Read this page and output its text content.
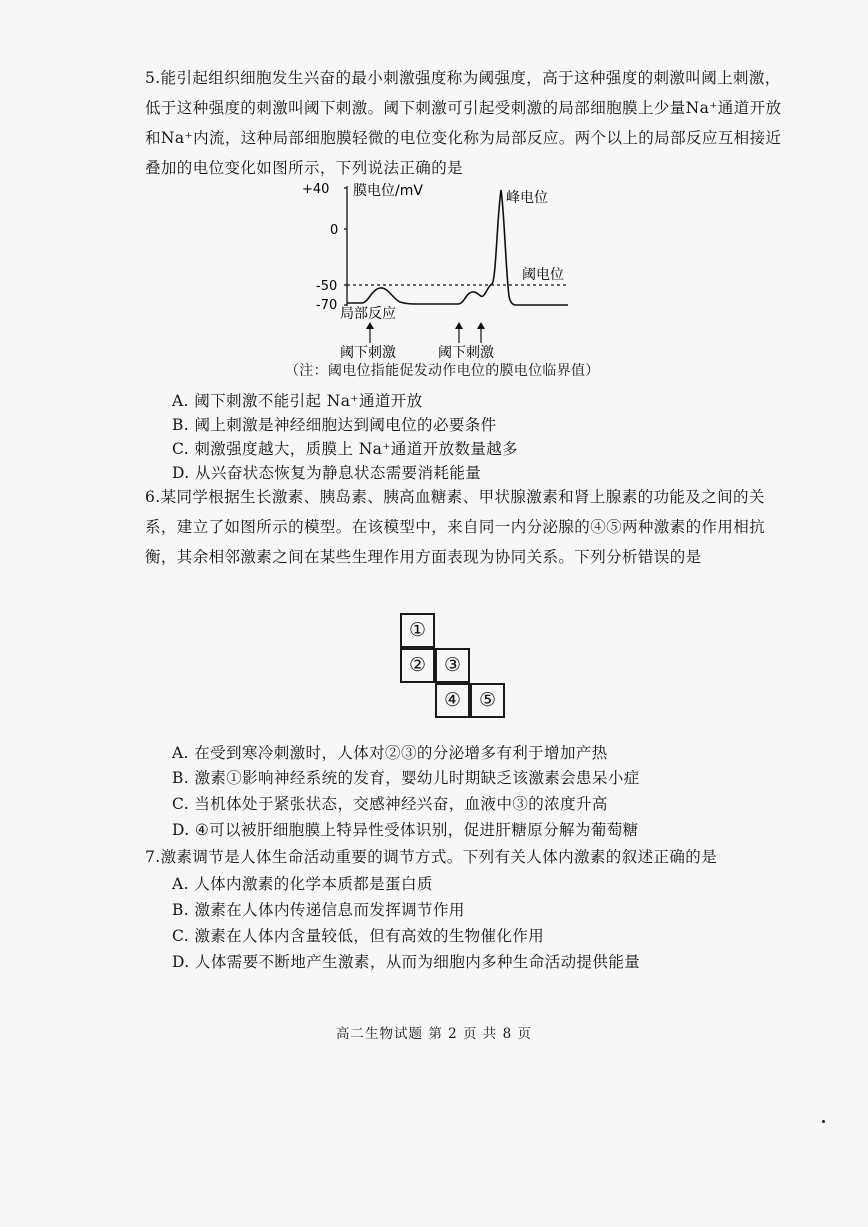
5.能引起组织细胞发生兴奋的最小刺激强度称为阈强度，高于这种强度的刺激叫阈上刺激，低于这种强度的刺激叫阈下刺激。阈下刺激可引起受刺激的局部细胞膜上少量Na⁺通道开放和Na⁺内流，这种局部细胞膜轻微的电位变化称为局部反应。两个以上的局部反应互相接近叠加的电位变化如图所示，下列说法正确的是
+40
0
-50
-70
膜电位/mV
阈电位
峰电位
局部反应
阈下刺激	阈下刺激
（注：阈电位指能促发动作电位的膜电位临界值）
A. 阈下刺激不能引起 Na⁺通道开放
B. 阈上刺激是神经细胞达到阈电位的必要条件
C. 刺激强度越大，质膜上 Na⁺通道开放数量越多
D. 从兴奋状态恢复为静息状态需要消耗能量
6.某同学根据生长激素、胰岛素、胰高血糖素、甲状腺激素和肾上腺素的功能及之间的关系，建立了如图所示的模型。在该模型中，来自同一内分泌腺的④⑤两种激素的作用相抗衡，其余相邻激素之间在某些生理作用方面表现为协同关系。下列分析错误的是
①
② ③
④ ⑤
A. 在受到寒冷刺激时，人体对②③的分泌增多有利于增加产热
B. 激素①影响神经系统的发育，婴幼儿时期缺乏该激素会患呆小症
C. 当机体处于紧张状态，交感神经兴奋，血液中③的浓度升高
D. ④可以被肝细胞膜上特异性受体识别，促进肝糖原分解为葡萄糖
7.激素调节是人体生命活动重要的调节方式。下列有关人体内激素的叙述正确的是
A. 人体内激素的化学本质都是蛋白质
B. 激素在人体内传递信息而发挥调节作用
C. 激素在人体内含量较低，但有高效的生物催化作用
D. 人体需要不断地产生激素，从而为细胞内多种生命活动提供能量
高二生物试题 第 2 页 共 8 页
